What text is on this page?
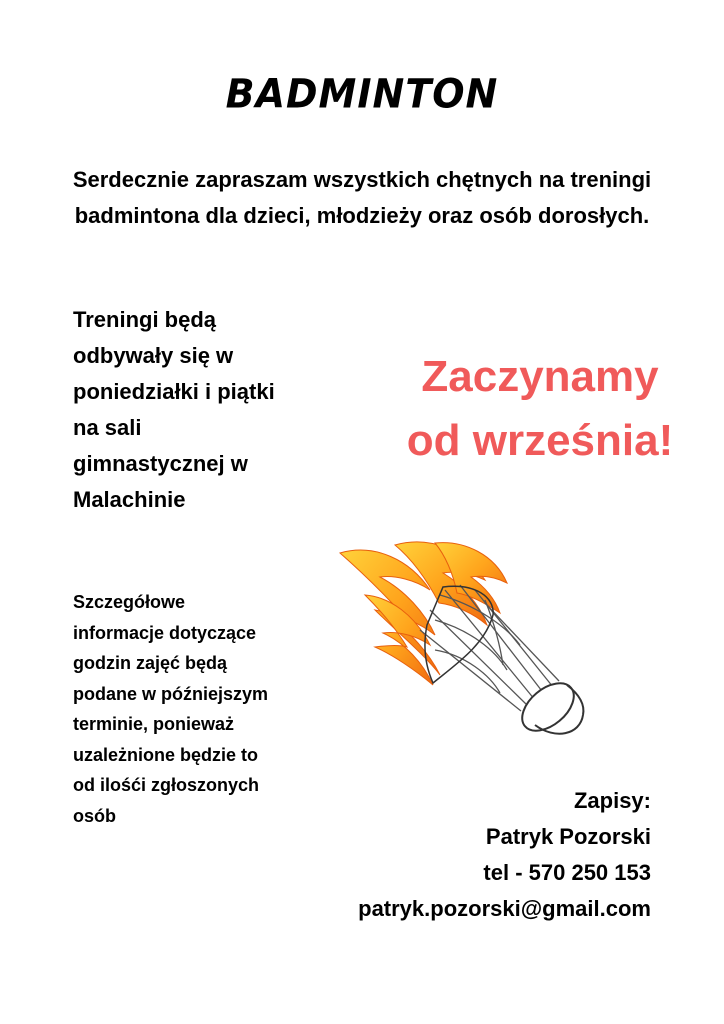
BADMINTON
Serdecznie zapraszam wszystkich chętnych na treningi badmintona dla dzieci, młodzieży oraz osób dorosłych.
Treningi będą
odbywały się w
poniedziałki i piątki
na sali
gimnastycznej w
Malachinie
Zaczynamy
od września!
Szczegółowe
informacje dotyczące
godzin zajęć będą
podane w późniejszym
terminie, ponieważ
uzależnione będzie to
od ilośći zgłoszonych
osób
Zapisy:
Patryk Pozorski
tel - 570 250 153
patryk.pozorski@gmail.com
